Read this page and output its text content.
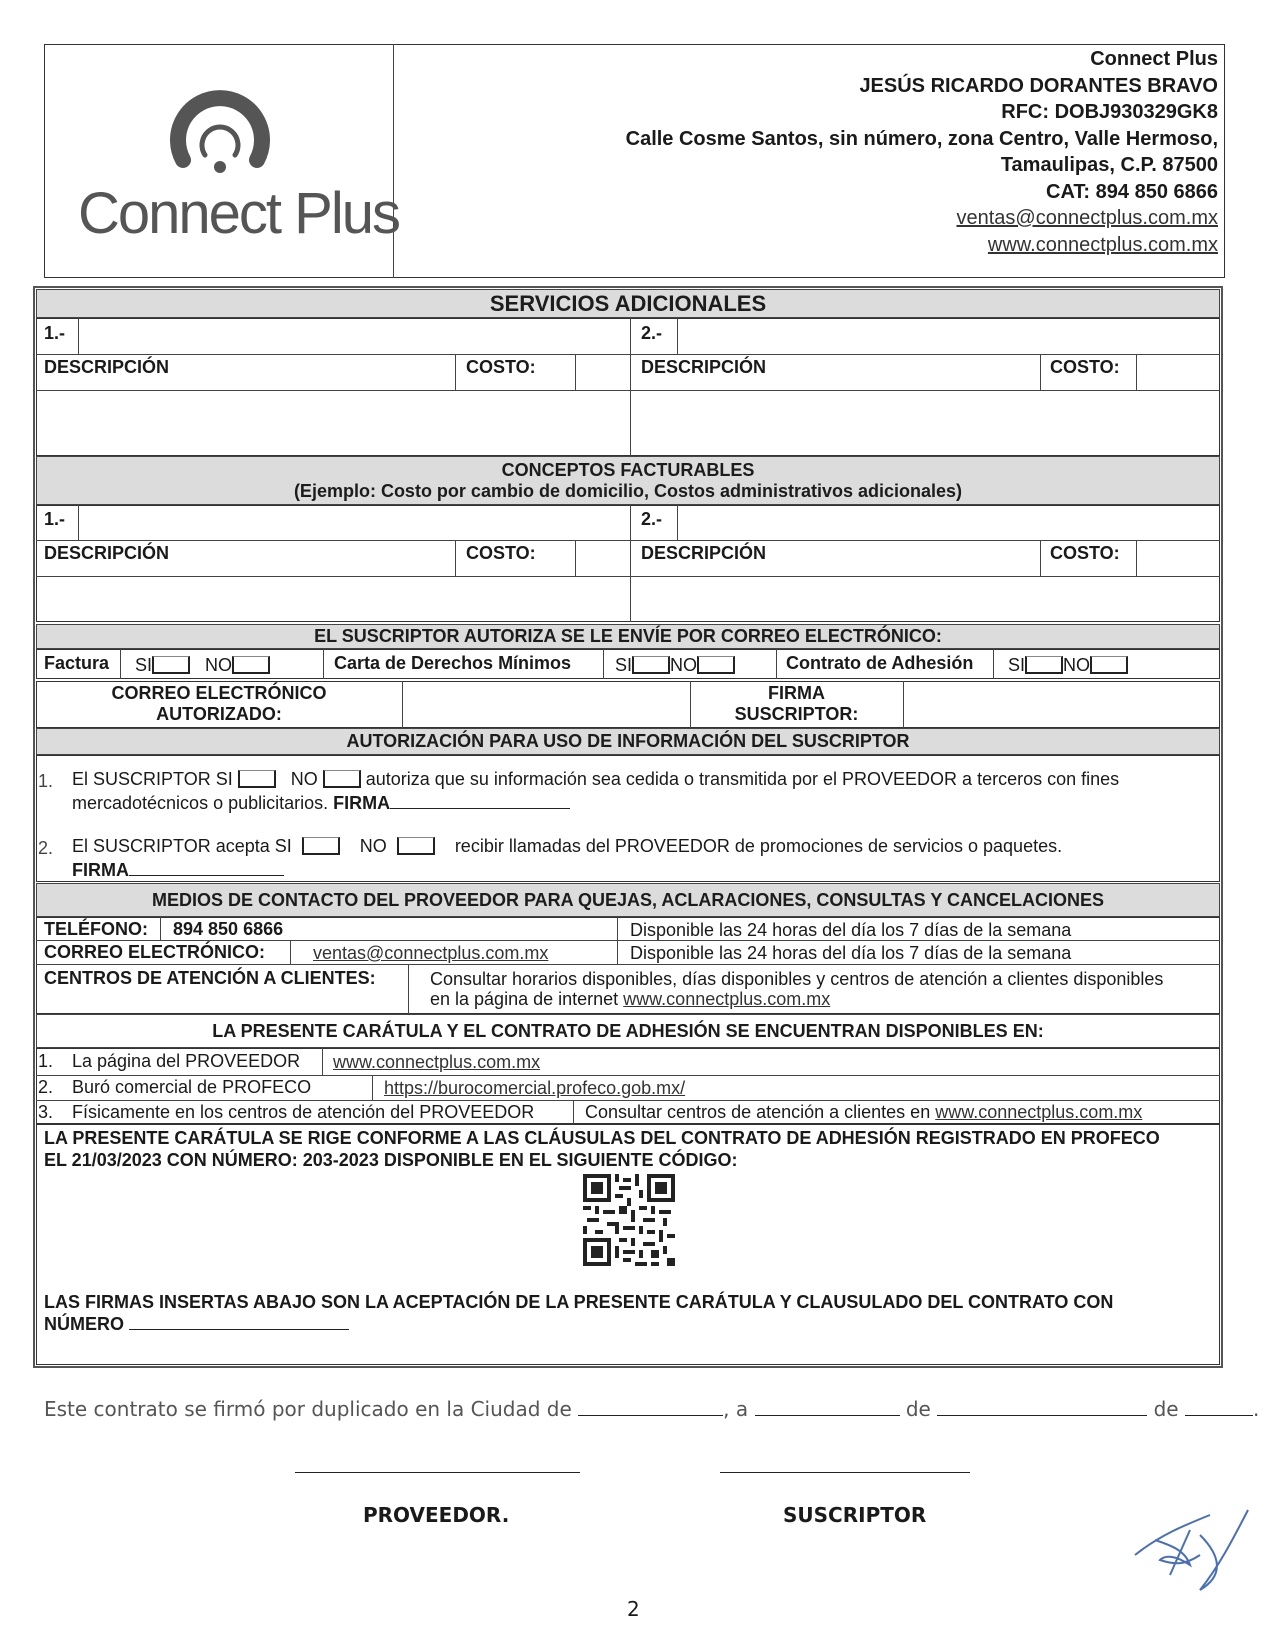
Connect Plus
Connect Plus
JESÚS RICARDO DORANTES BRAVO
RFC: DOBJ930329GK8
Calle Cosme Santos, sin número, zona Centro, Valle Hermoso,
Tamaulipas, C.P. 87500
CAT: 894 850 6866
ventas@connectplus.com.mx
www.connectplus.com.mx
SERVICIOS ADICIONALES
1.-	2.-
DESCRIPCIÓN	COSTO:	DESCRIPCIÓN	COSTO:
CONCEPTOS FACTURABLES
(Ejemplo: Costo por cambio de domicilio, Costos administrativos adicionales)
1.-	2.-
DESCRIPCIÓN	COSTO:	DESCRIPCIÓN	COSTO:
EL SUSCRIPTOR AUTORIZA SE LE ENVÍE POR CORREO ELECTRÓNICO:
Factura SI	NO	Carta de Derechos Mínimos SI NO	Contrato de Adhesión SI NO
CORREO ELECTRÓNICO
AUTORIZADO:
FIRMA
SUSCRIPTOR:
AUTORIZACIÓN PARA USO DE INFORMACIÓN DEL SUSCRIPTOR
1. El SUSCRIPTOR SI	NO	autoriza que su información sea cedida o transmitida por el PROVEEDOR a terceros con fines
mercadotécnicos o publicitarios. FIRMA
2. El SUSCRIPTOR acepta SI	NO	recibir llamadas del PROVEEDOR de promociones de servicios o paquetes.
FIRMA
MEDIOS DE CONTACTO DEL PROVEEDOR PARA QUEJAS, ACLARACIONES, CONSULTAS Y CANCELACIONES
TELÉFONO: 894 850 6866	Disponible las 24 horas del día los 7 días de la semana
CORREO ELECTRÓNICO:	ventas@connectplus.com.mx	Disponible las 24 horas del día los 7 días de la semana
CENTROS DE ATENCIÓN A CLIENTES:	Consultar horarios disponibles, días disponibles y centros de atención a clientes disponibles
en la página de internet www.connectplus.com.mx
LA PRESENTE CARÁTULA Y EL CONTRATO DE ADHESIÓN SE ENCUENTRAN DISPONIBLES EN:
1. La página del PROVEEDOR www.connectplus.com.mx
2. Buró comercial de PROFECO	https://burocomercial.profeco.gob.mx/
3. Físicamente en los centros de atención del PROVEEDOR	Consultar centros de atención a clientes en www.connectplus.com.mx
LA PRESENTE CARÁTULA SE RIGE CONFORME A LAS CLÁUSULAS DEL CONTRATO DE ADHESIÓN REGISTRADO EN PROFECO
EL 21/03/2023 CON NÚMERO: 203-2023 DISPONIBLE EN EL SIGUIENTE CÓDIGO:
LAS FIRMAS INSERTAS ABAJO SON LA ACEPTACIÓN DE LA PRESENTE CARÁTULA Y CLAUSULADO DEL CONTRATO CON
NÚMERO
Este contrato se firmó por duplicado en la Ciudad de	, a	de	de	.
PROVEEDOR.	SUSCRIPTOR
2
